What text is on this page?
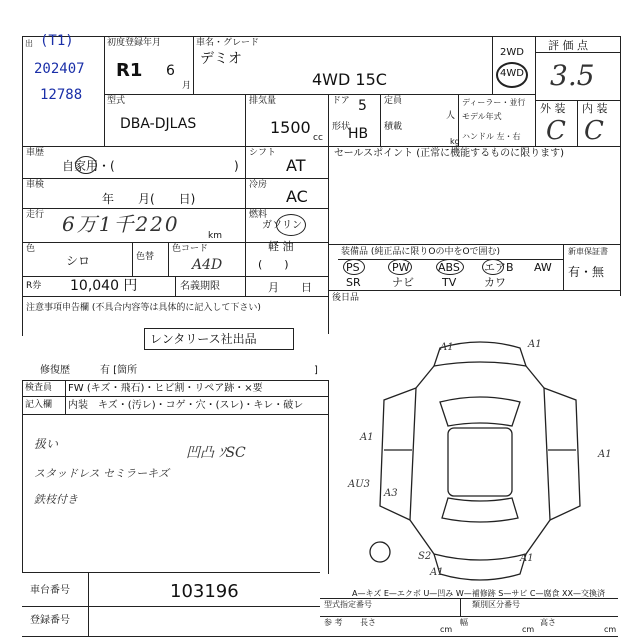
(T1)
202407
12788
出	初度登録年月
R1 6
月
車名・グレード
デミオ
4WD 15C
2WD
4WD
評 価 点
3.5
外 装 内 装
C C
型式
DBA-DJLAS
排気量
1500
cc
ドア 5
形状
HB
定員
人
積載
kg
ディーラー・並行
モデル年式
ハンドル 左・右
車歴
自家用・(	)
シフト
AT
車検
年　　月(　　日)
冷房
AC
走行 6万1千220	km
燃料
ガソリン
軽 油
(　　)
色
シロ	色替
色コード
A4D
R券 10,040 円	名義期限	月　　日
セールスポイント (正常に機能するものに限ります)
装備品 (純正品に限りOの中をOで囲む)	新車保証書
有・無
PS	PW	ABS エアB AW
SR	ナビ	TV	カワ
後日品
注意事項申告欄 (不具合内容等は具体的に記入して下さい)
レンタリース社出品
修復歴	有 [箇所	]
検査員
記入欄
FW (キズ・飛石)・ヒビ割・リペア跡・×要
内装 キズ・(汚レ)・コゲ・穴・(スレ)・キレ・破レ
扱い
スタッドレス セミラーキズ
鉄枝付き
凹凸 ｿSC
A1	A1
A1
A1
AU3
A3
A1
A1
S2
A—キズ E—エクボ U—凹み W—補修跡 S—サビ C—腐食 XX—交換済
車台番号	103196
登録番号
型式指定番号	類別区分番号
参 考 長さ
cm
幅
cm
高さ
cm
